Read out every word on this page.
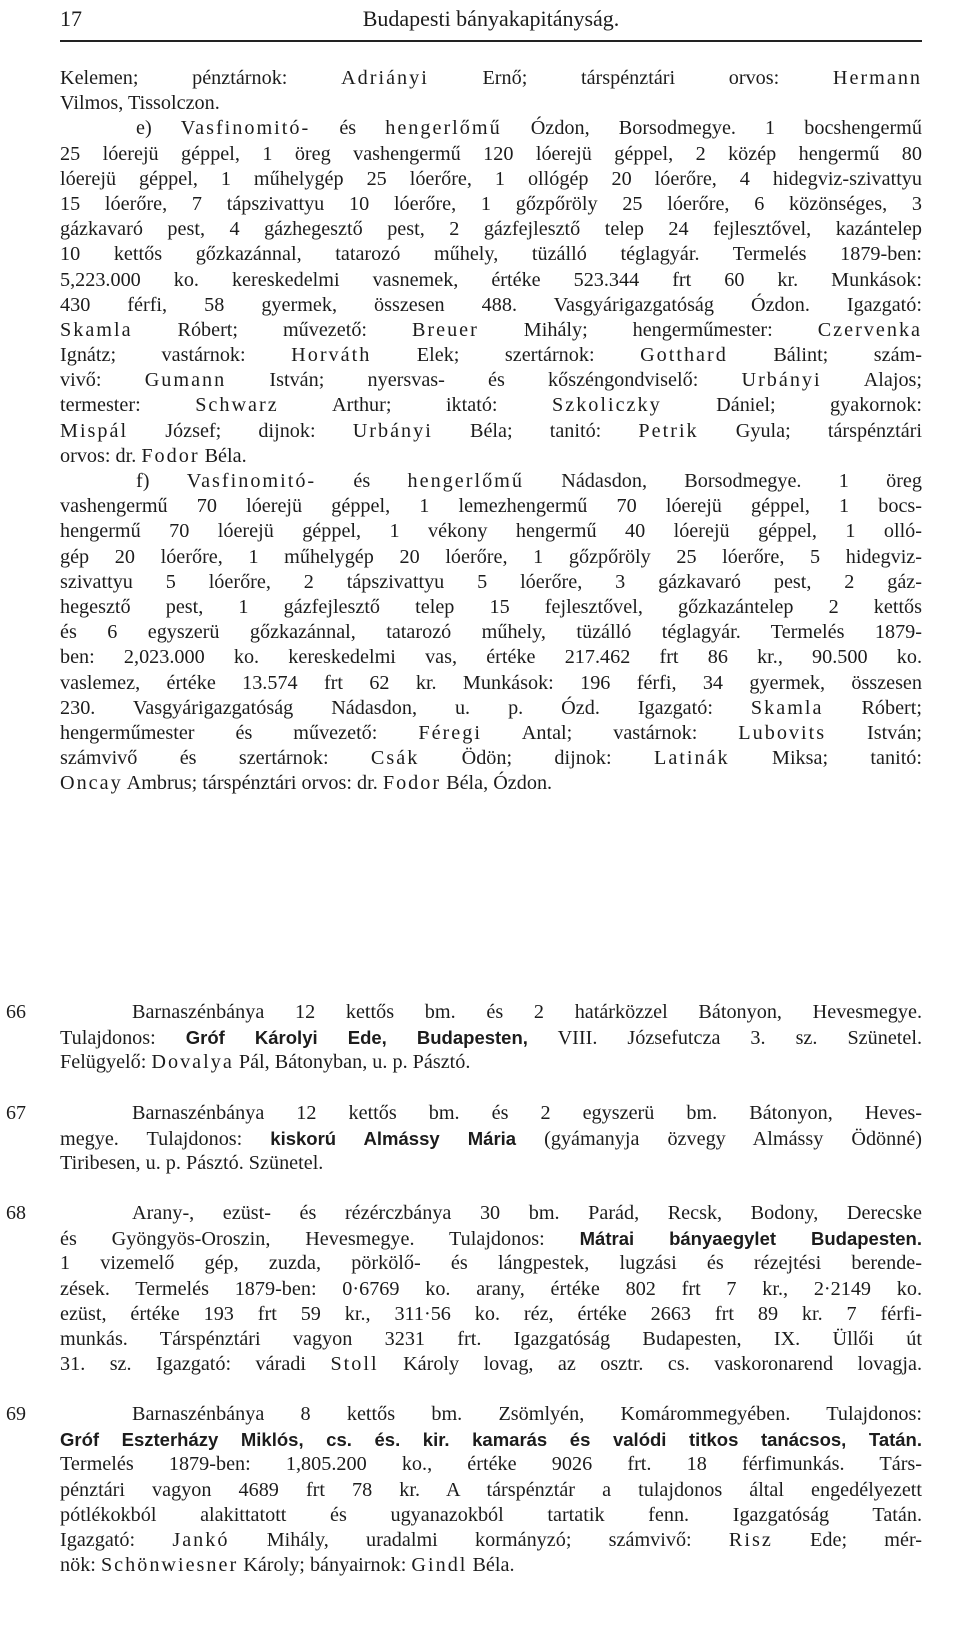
17	Budapesti bányakapitányság.
Kelemen; pénztárnok: Adriányi Ernő; társpénztári orvos: Hermann
Vilmos, Tissolczon.
e) Vasfinomitó- és hengerlőmű Ózdon, Borsodmegye. 1 bocshengermű
25 lóerejü géppel, 1 öreg vashengermű 120 lóerejü géppel, 2 közép hengermű 80
lóerejü géppel, 1 műhelygép 25 lóerőre, 1 ollógép 20 lóerőre, 4 hidegviz-szivattyu
15 lóerőre, 7 tápszivattyu 10 lóerőre, 1 gőzpőröly 25 lóerőre, 6 közönséges, 3
gázkavaró pest, 4 gázhegesztő pest, 2 gázfejlesztő telep 24 fejlesztővel, kazántelep
10 kettős gőzkazánnal, tatarozó műhely, tüzálló téglagyár. Termelés 1879-ben:
5,223.000 ko. kereskedelmi vasnemek, értéke 523.344 frt 60 kr. Munkások:
430 férfi, 58 gyermek, összesen 488. Vasgyárigazgatóság Ózdon. Igazgató:
Skamla Róbert; művezető: Breuer Mihály; hengerműmester: Czervenka
Ignátz; vastárnok: Horváth Elek; szertárnok: Gotthard Bálint; szám-
vivő: Gumann István; nyersvas- és kőszéngondviselő: Urbányi Alajos;
termester: Schwarz Arthur; iktató: Szkoliczky Dániel; gyakornok:
Mispál József; dijnok: Urbányi Béla; tanitó: Petrik Gyula; társpénztári
orvos: dr. Fodor Béla.
f) Vasfinomitó- és hengerlőmű Nádasdon, Borsodmegye. 1 öreg
vashengermű 70 lóerejü géppel, 1 lemezhengermű 70 lóerejü géppel, 1 bocs-
hengermű 70 lóerejü géppel, 1 vékony hengermű 40 lóerejü géppel, 1 olló-
gép 20 lóerőre, 1 műhelygép 20 lóerőre, 1 gőzpőröly 25 lóerőre, 5 hidegviz-
szivattyu 5 lóerőre, 2 tápszivattyu 5 lóerőre, 3 gázkavaró pest, 2 gáz-
hegesztő pest, 1 gázfejlesztő telep 15 fejlesztővel, gőzkazántelep 2 kettős
és 6 egyszerü gőzkazánnal, tatarozó műhely, tüzálló téglagyár. Termelés 1879-
ben: 2,023.000 ko. kereskedelmi vas, értéke 217.462 frt 86 kr., 90.500 ko.
vaslemez, értéke 13.574 frt 62 kr. Munkások: 196 férfi, 34 gyermek, összesen
230. Vasgyárigazgatóság Nádasdon, u. p. Ózd. Igazgató: Skamla Róbert;
hengerműmester és művezető: Féregi Antal; vastárnok: Lubovits István;
számvivő és szertárnok: Csák Ödön; dijnok: Latinák Miksa; tanitó:
Oncay Ambrus; társpénztári orvos: dr. Fodor Béla, Ózdon.
66	Barnaszénbánya 12 kettős bm. és 2 határközzel Bátonyon, Hevesmegye.
Tulajdonos: Gróf Károlyi Ede, Budapesten, VIII. Józsefutcza 3. sz. Szünetel.
Felügyelő: Dovalya Pál, Bátonyban, u. p. Pásztó.
67	Barnaszénbánya 12 kettős bm. és 2 egyszerü bm. Bátonyon, Heves-
megye. Tulajdonos: kiskorú Almássy Mária (gyámanyja özvegy Almássy Ödönné)
Tiribesen, u. p. Pásztó. Szünetel.
68	Arany-, ezüst- és rézérczbánya 30 bm. Parád, Recsk, Bodony, Derecske
és Gyöngyös-Oroszin, Hevesmegye. Tulajdonos: Mátrai bányaegylet Budapesten.
1 vizemelő gép, zuzda, pörkölő- és lángpestek, lugzási és rézejtési berende-
zések. Termelés 1879-ben: 0·6769 ko. arany, értéke 802 frt 7 kr., 2·2149 ko.
ezüst, értéke 193 frt 59 kr., 311·56 ko. réz, értéke 2663 frt 89 kr. 7 férfi-
munkás. Társpénztári vagyon 3231 frt. Igazgatóság Budapesten, IX. Üllői út
31. sz. Igazgató: váradi Stoll Károly lovag, az osztr. cs. vaskoronarend lovagja.
69	Barnaszénbánya 8 kettős bm. Zsömlyén, Komárommegyében. Tulajdonos:
Gróf Eszterházy Miklós, cs. és. kir. kamarás és valódi titkos tanácsos, Tatán.
Termelés 1879-ben: 1,805.200 ko., értéke 9026 frt. 18 férfimunkás. Társ-
pénztári vagyon 4689 frt 78 kr. A társpénztár a tulajdonos által engedélyezett
pótlékokból alakittatott és ugyanazokból tartatik fenn. Igazgatóság Tatán.
Igazgató: Jankó Mihály, uradalmi kormányzó; számvivő: Risz Ede; mér-
nök: Schönwiesner Károly; bányairnok: Gindl Béla.
